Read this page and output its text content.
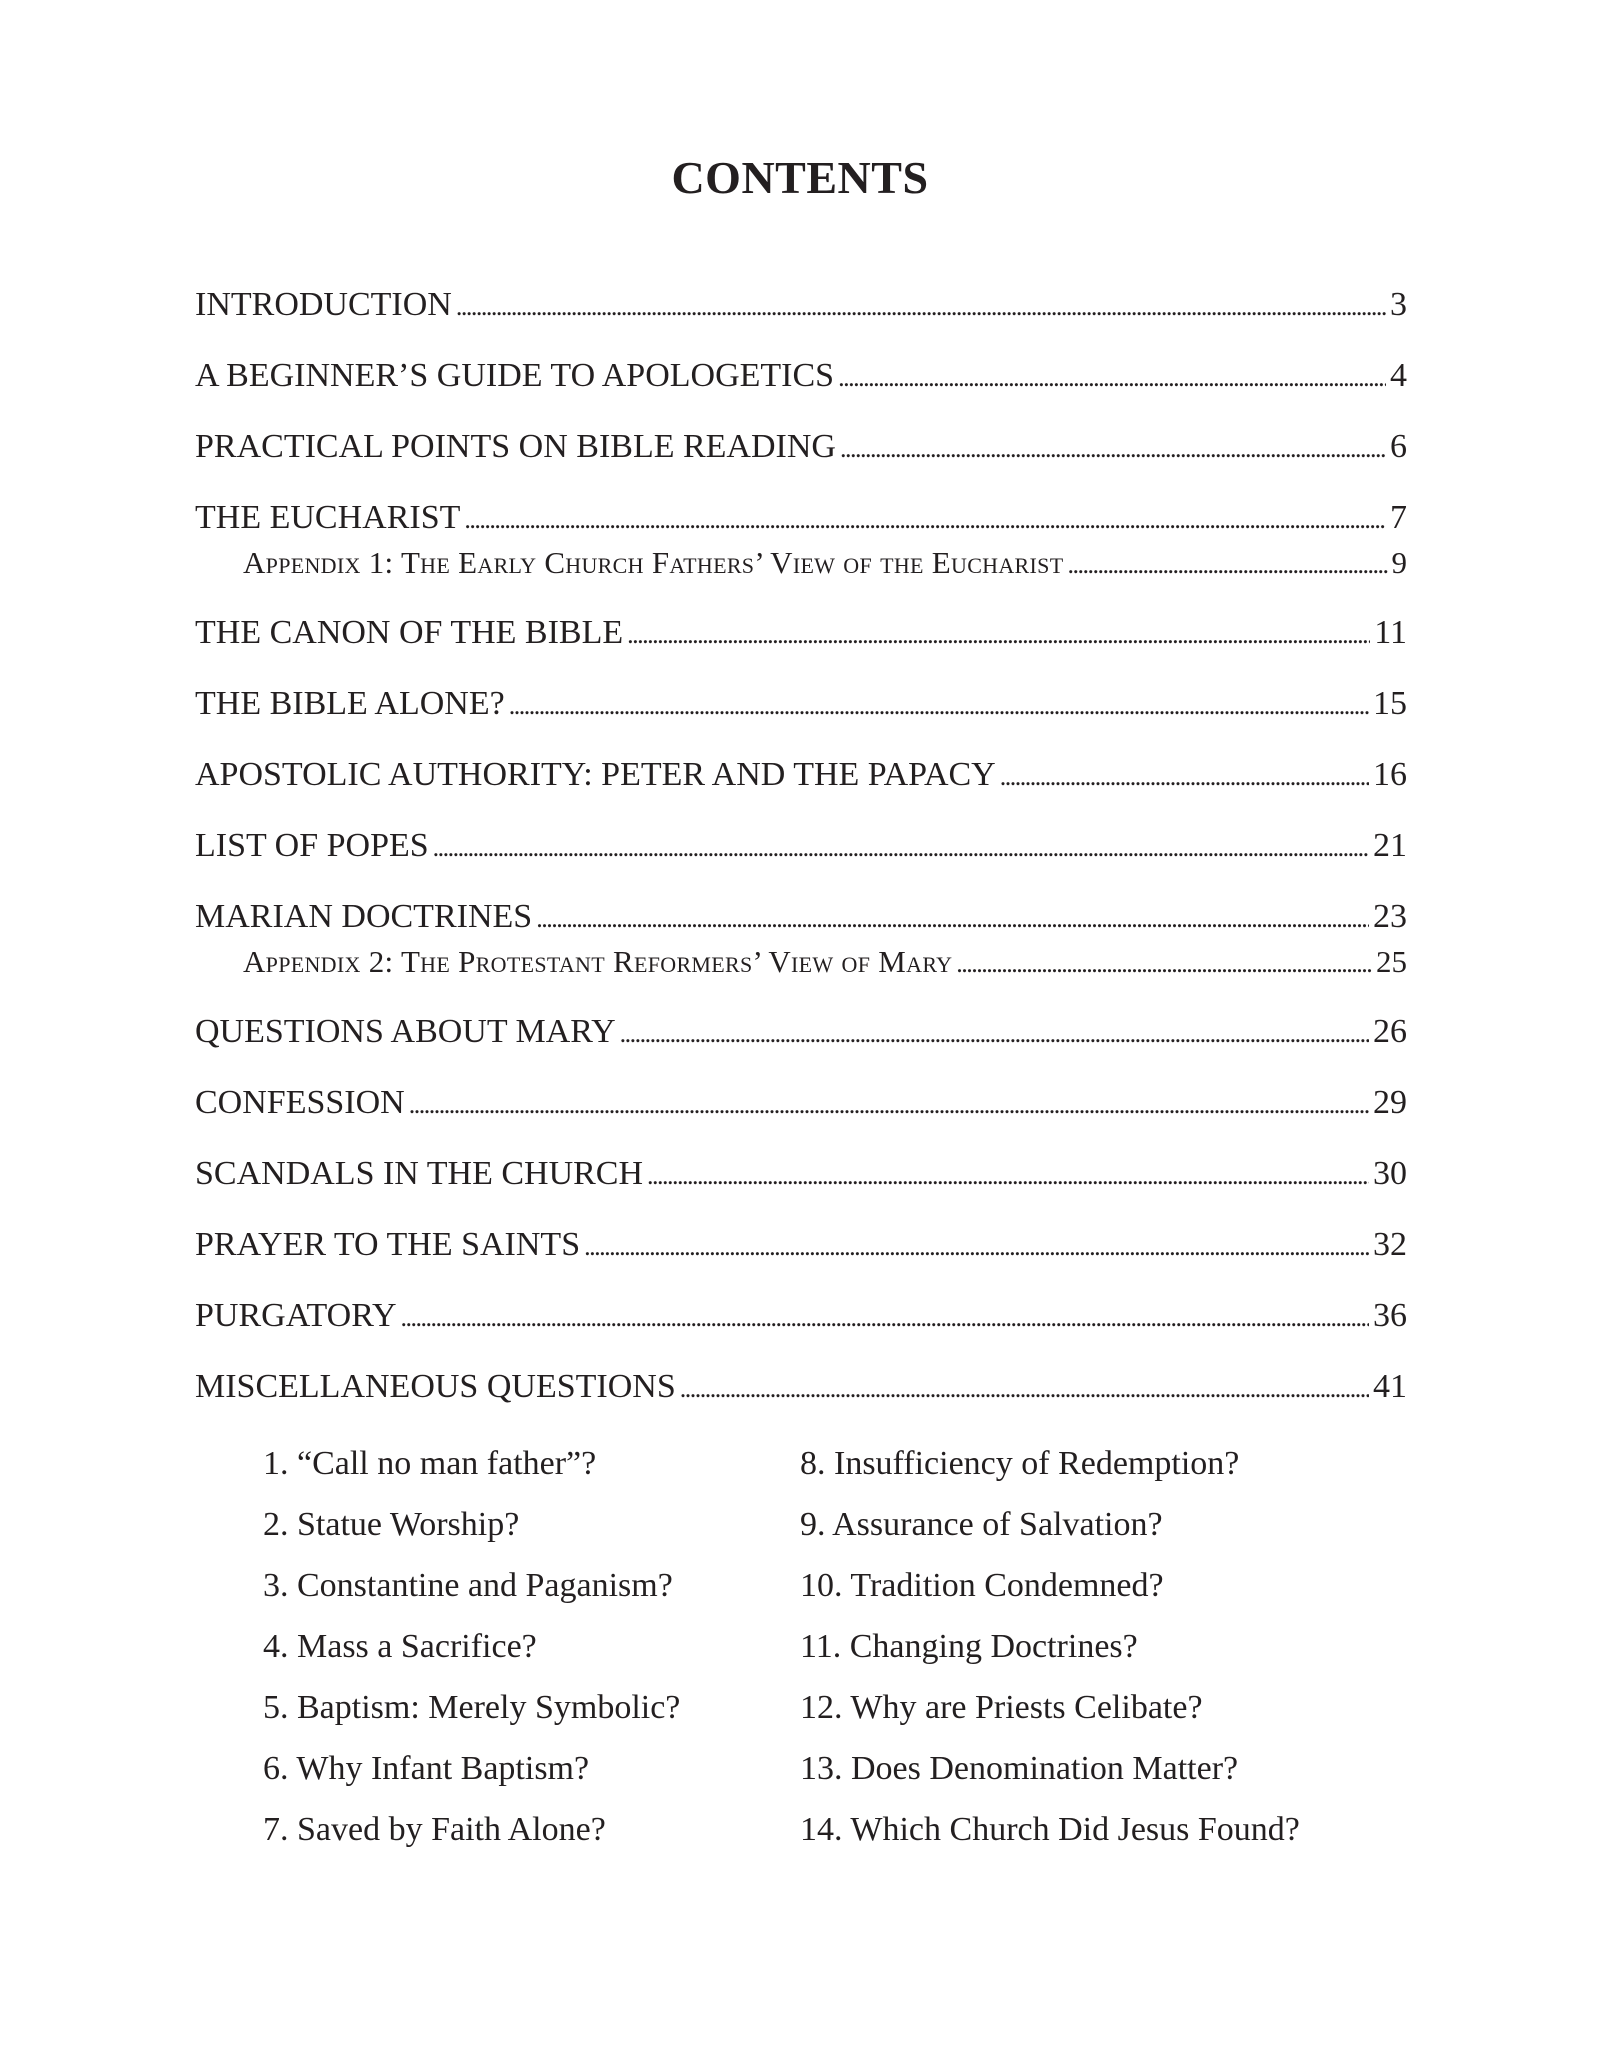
CONTENTS
INTRODUCTION . . .	3
A BEGINNER’S GUIDE TO APOLOGETICS . . .	4
PRACTICAL POINTS ON BIBLE READING . . .	6
THE EUCHARIST . . .	7
Appendix 1: The Early Church Fathers’ View of the Eucharist . . .	9
THE CANON OF THE BIBLE . . .	11
THE BIBLE ALONE? . . .	15
APOSTOLIC AUTHORITY: PETER AND THE PAPACY . . .	16
LIST OF POPES . . .	21
MARIAN DOCTRINES . . .	23
Appendix 2: The Protestant Reformers’ View of Mary . . .	25
QUESTIONS ABOUT MARY . . .	26
CONFESSION . . .	29
SCANDALS IN THE CHURCH . . .	30
PRAYER TO THE SAINTS . . .	32
PURGATORY . . .	36
MISCELLANEOUS QUESTIONS . . .	41
1. “Call no man father”?
2. Statue Worship?
3. Constantine and Paganism?
4. Mass a Sacrifice?
5. Baptism: Merely Symbolic?
6. Why Infant Baptism?
7. Saved by Faith Alone?
8. Insufficiency of Redemption?
9. Assurance of Salvation?
10. Tradition Condemned?
11. Changing Doctrines?
12. Why are Priests Celibate?
13. Does Denomination Matter?
14. Which Church Did Jesus Found?
